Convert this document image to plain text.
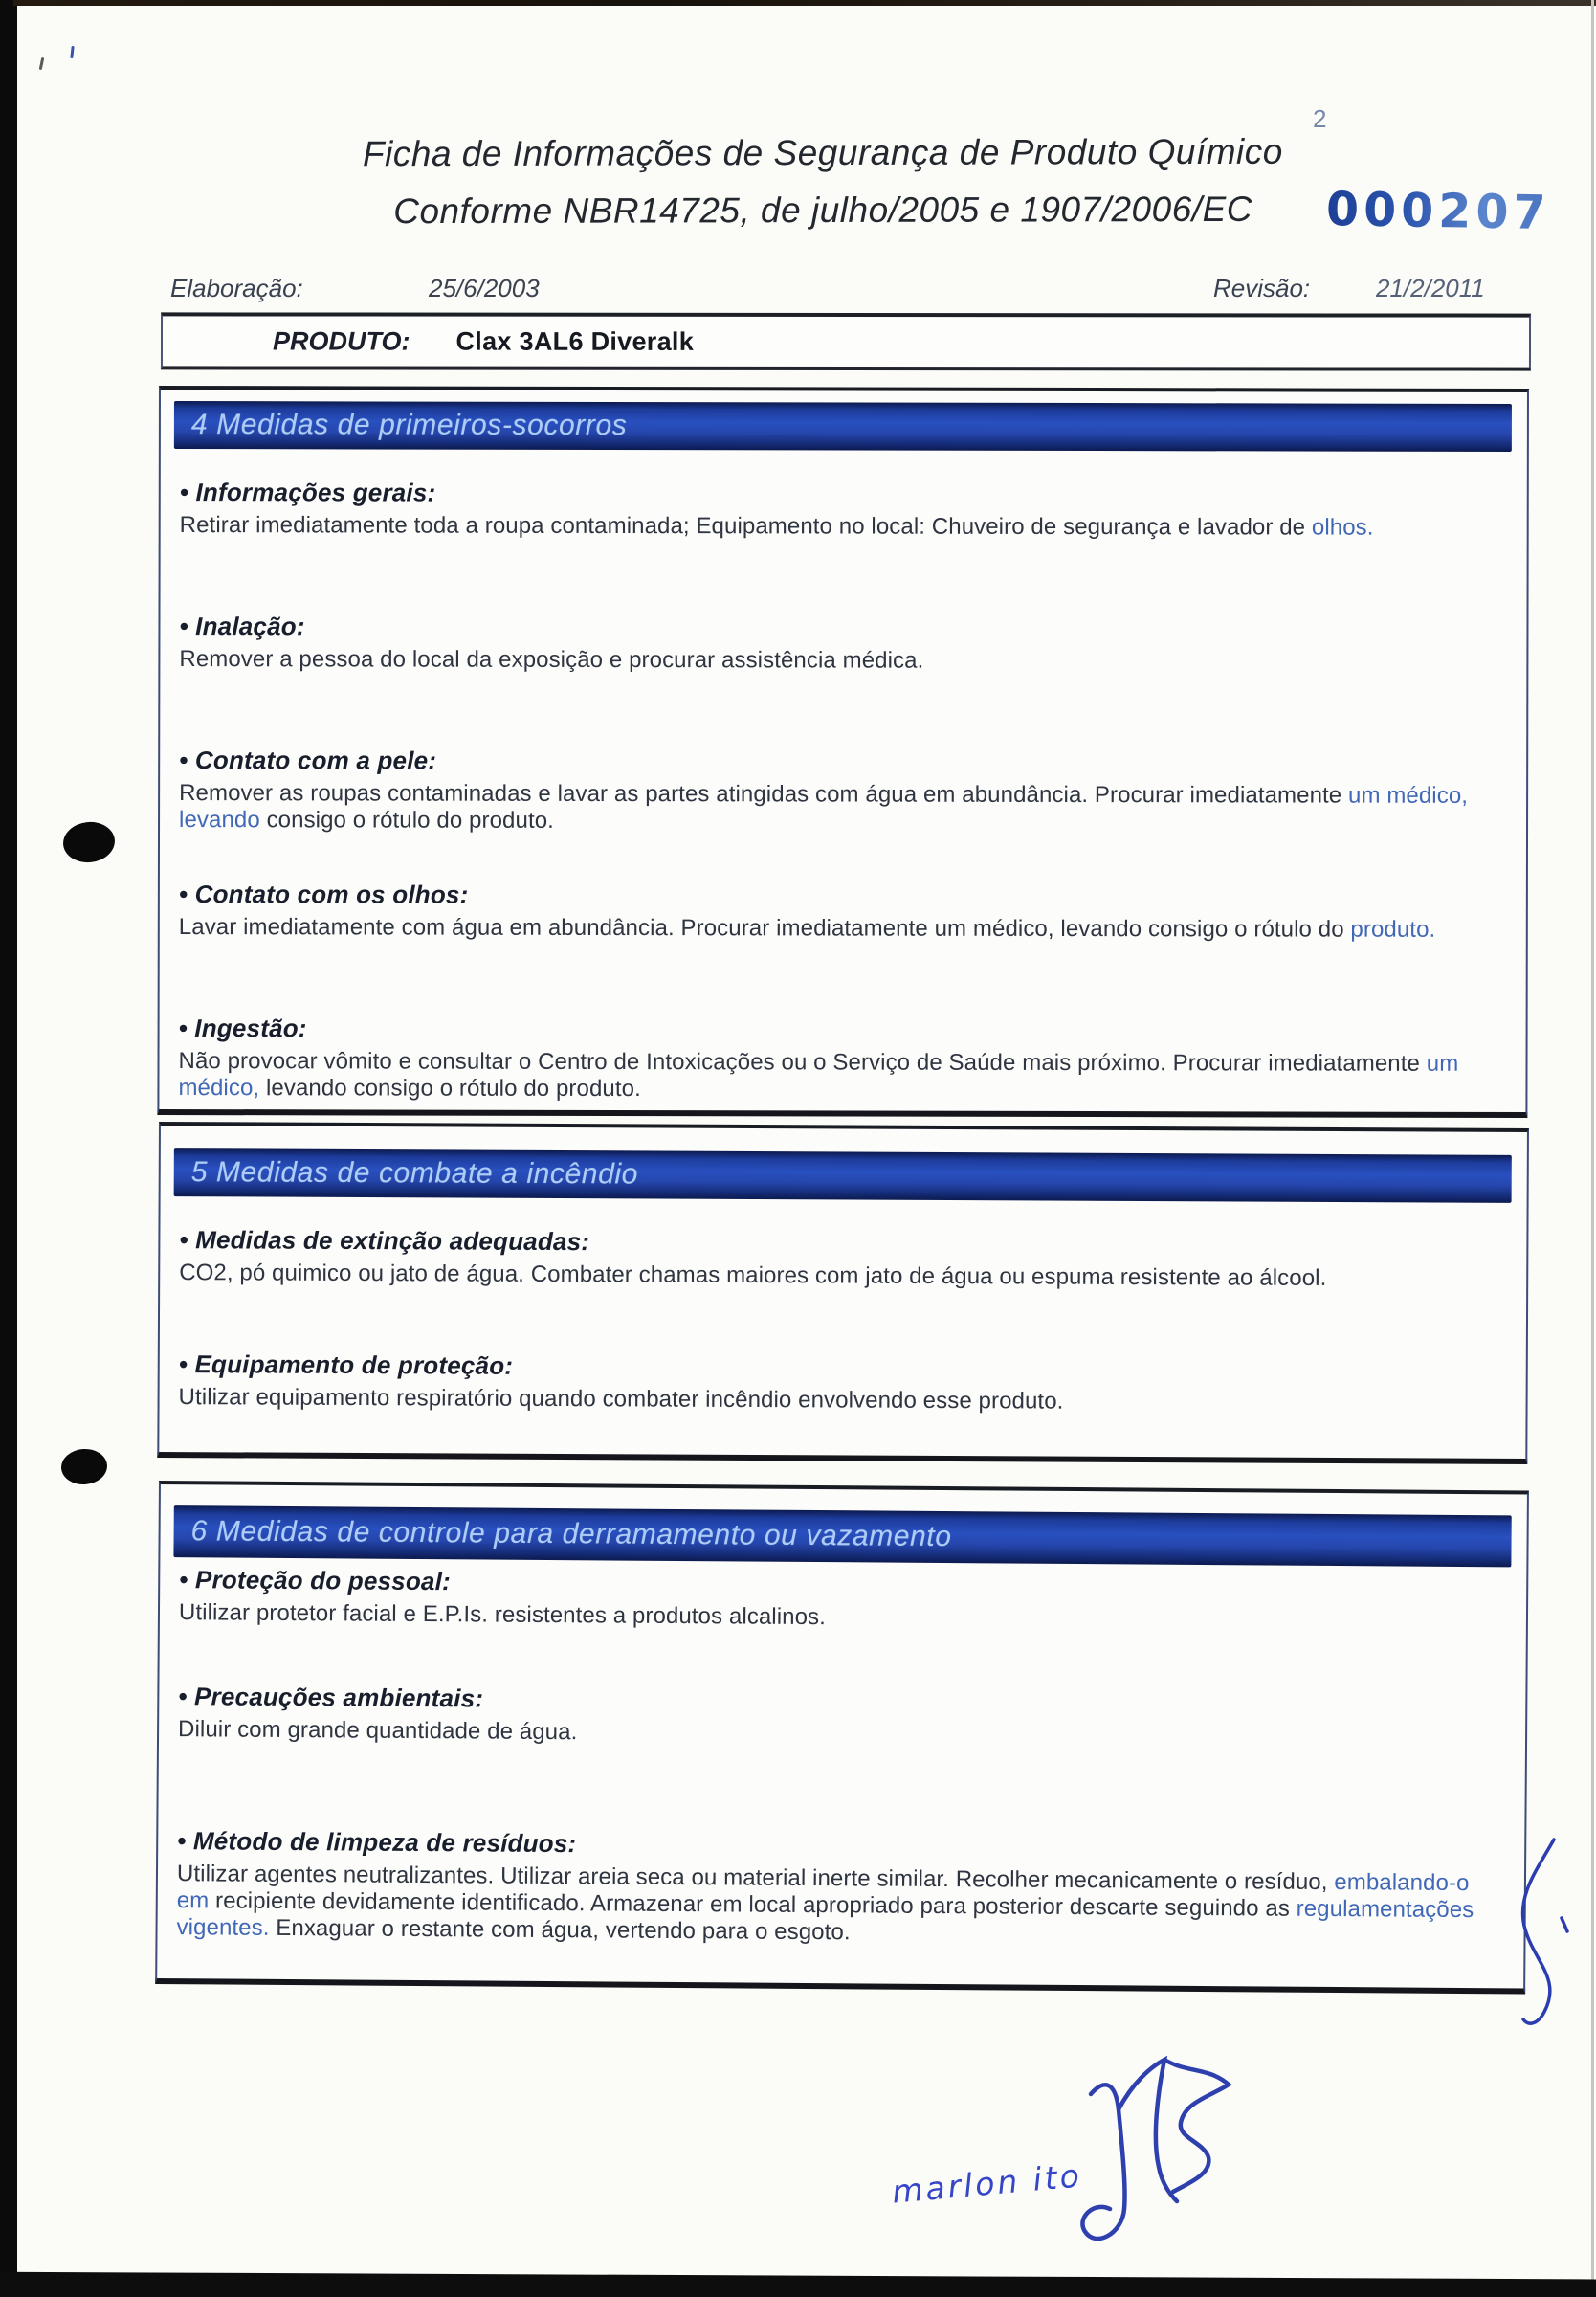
Ficha de Informações de Segurança de Produto Químico
Conforme NBR14725, de julho/2005 e 1907/2006/EC
2
000207
Elaboração:	25/6/2003	Revisão:	21/2/2011
PRODUTO: Clax 3AL6 Diveralk
4 Medidas de primeiros-socorros
• Informações gerais:
Retirar imediatamente toda a roupa contaminada; Equipamento no local: Chuveiro de segurança e lavador de olhos.
• Inalação:
Remover a pessoa do local da exposição e procurar assistência médica.
• Contato com a pele:
Remover as roupas contaminadas e lavar as partes atingidas com água em abundância. Procurar imediatamente um médico, levando consigo o rótulo do produto.
• Contato com os olhos:
Lavar imediatamente com água em abundância. Procurar imediatamente um médico, levando consigo o rótulo do produto.
• Ingestão:
Não provocar vômito e consultar o Centro de Intoxicações ou o Serviço de Saúde mais próximo. Procurar imediatamente um médico, levando consigo o rótulo do produto.
5 Medidas de combate a incêndio
• Medidas de extinção adequadas:
CO2, pó quimico ou jato de água. Combater chamas maiores com jato de água ou espuma resistente ao álcool.
• Equipamento de proteção:
Utilizar equipamento respiratório quando combater incêndio envolvendo esse produto.
6 Medidas de controle para derramamento ou vazamento
• Proteção do pessoal:
Utilizar protetor facial e E.P.Is. resistentes a produtos alcalinos.
• Precauções ambientais:
Diluir com grande quantidade de água.
• Método de limpeza de resíduos:
Utilizar agentes neutralizantes. Utilizar areia seca ou material inerte similar. Recolher mecanicamente o resíduo, embalando-o em recipiente devidamente identificado. Armazenar em local apropriado para posterior descarte seguindo as regulamentações vigentes. Enxaguar o restante com água, vertendo para o esgoto.
marlon ito
